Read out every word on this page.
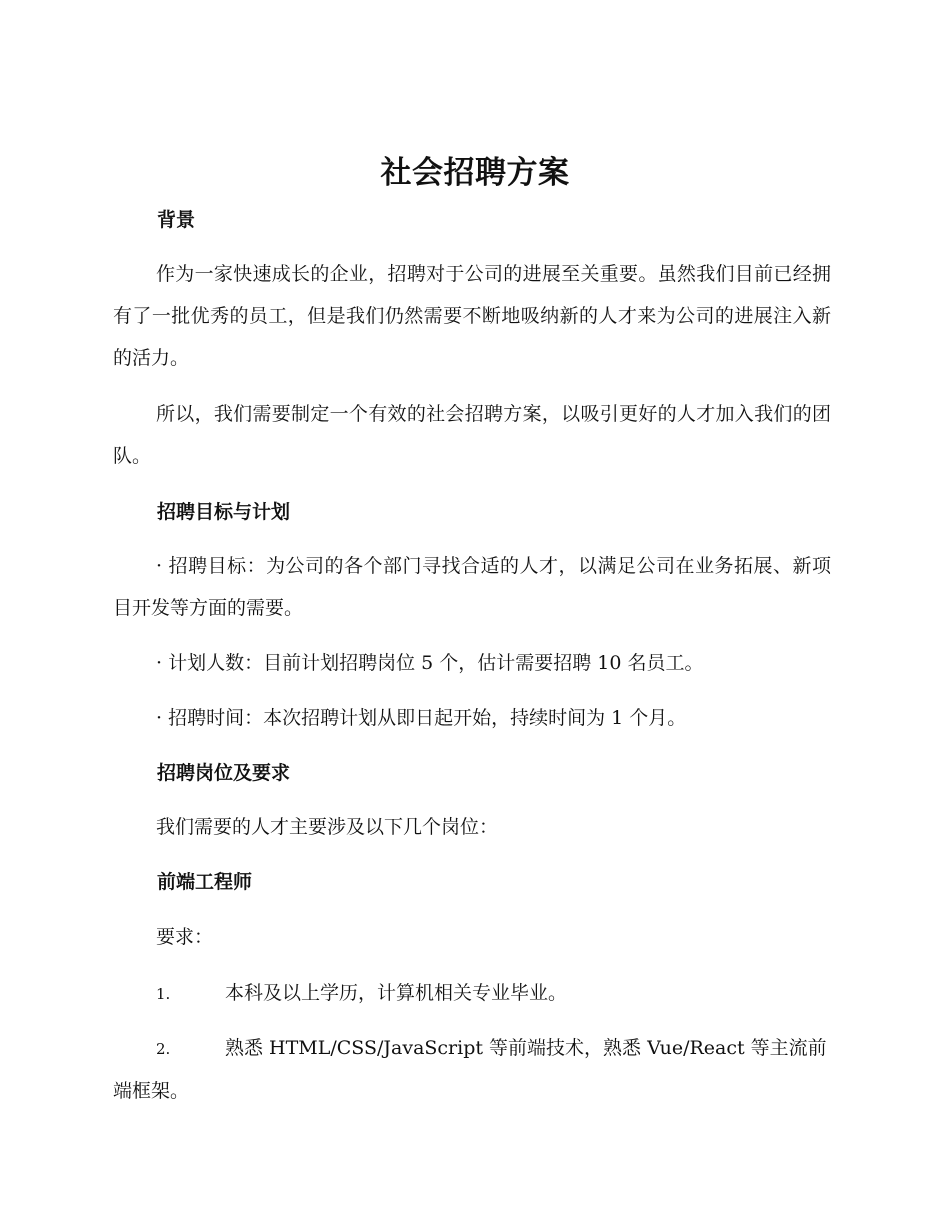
社会招聘方案
背景

作为一家快速成长的企业，招聘对于公司的进展至关重要。虽然我们目前已经拥有了一批优秀的员工，但是我们仍然需要不断地吸纳新的人才来为公司的进展注入新的活力。

所以，我们需要制定一个有效的社会招聘方案，以吸引更好的人才加入我们的团队。

招聘目标与计划

· 招聘目标：为公司的各个部门寻找合适的人才，以满足公司在业务拓展、新项目开发等方面的需要。

· 计划人数：目前计划招聘岗位 5 个，估计需要招聘 10 名员工。

· 招聘时间：本次招聘计划从即日起开始，持续时间为 1 个月。

招聘岗位及要求

我们需要的人才主要涉及以下几个岗位：

前端工程师

要求：

1.	本科及以上学历，计算机相关专业毕业。

2.	熟悉 HTML/CSS/JavaScript 等前端技术，熟悉 Vue/React 等主流前端框架。
